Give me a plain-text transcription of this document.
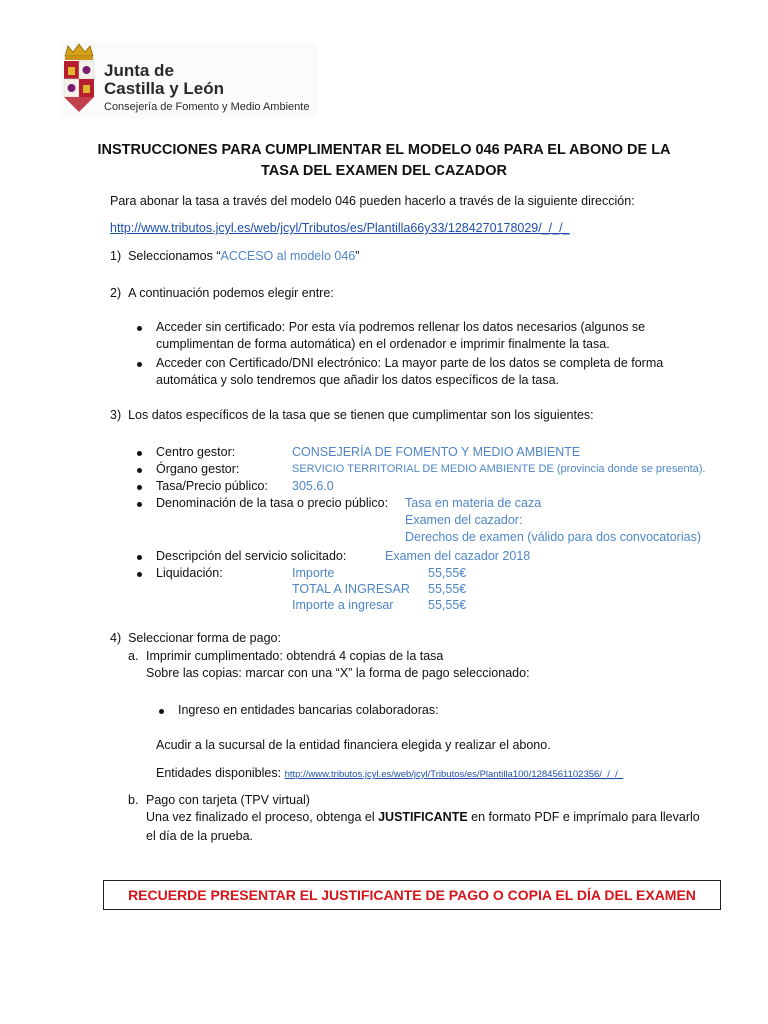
Junta de
Castilla y León
Consejería de Fomento y Medio Ambiente
INSTRUCCIONES PARA CUMPLIMENTAR EL MODELO 046 PARA EL ABONO DE LA
TASA DEL EXAMEN DEL CAZADOR
Para abonar la tasa a través del modelo 046 pueden hacerlo a través de la siguiente dirección:
http://www.tributos.jcyl.es/web/jcyl/Tributos/es/Plantilla66y33/1284270178029/_/_/_
1) Seleccionamos “ACCESO al modelo 046”
2) A continuación podemos elegir entre:
Acceder sin certificado: Por esta vía podremos rellenar los datos necesarios (algunos se
cumplimentan de forma automática) en el ordenador e imprimir finalmente la tasa.
Acceder con Certificado/DNI electrónico: La mayor parte de los datos se completa de forma
automática y solo tendremos que añadir los datos específicos de la tasa.
3) Los datos específicos de la tasa que se tienen que cumplimentar son los siguientes:
Centro gestor:	CONSEJERÍA DE FOMENTO Y MEDIO AMBIENTE
Órgano gestor:	SERVICIO TERRITORIAL DE MEDIO AMBIENTE DE (provincia donde se presenta).
Tasa/Precio público: 305.6.0
Denominación de la tasa o precio público: Tasa en materia de caza
Examen del cazador:
Derechos de examen (válido para dos convocatorias)
Descripción del servicio solicitado:	Examen del cazador 2018
Liquidación:	Importe	55,55€
TOTAL A INGRESAR 55,55€
Importe a ingresar	55,55€
4) Seleccionar forma de pago:
a. Imprimir cumplimentado: obtendrá 4 copias de la tasa
Sobre las copias: marcar con una “X” la forma de pago seleccionado:
Ingreso en entidades bancarias colaboradoras:
Acudir a la sucursal de la entidad financiera elegida y realizar el abono.
Entidades disponibles: http://www.tributos.jcyl.es/web/jcyl/Tributos/es/Plantilla100/1284561102356/_/_/_
b. Pago con tarjeta (TPV virtual)
Una vez finalizado el proceso, obtenga el JUSTIFICANTE en formato PDF e imprímalo para llevarlo
el día de la prueba.
RECUERDE PRESENTAR EL JUSTIFICANTE DE PAGO O COPIA EL DÍA DEL EXAMEN
